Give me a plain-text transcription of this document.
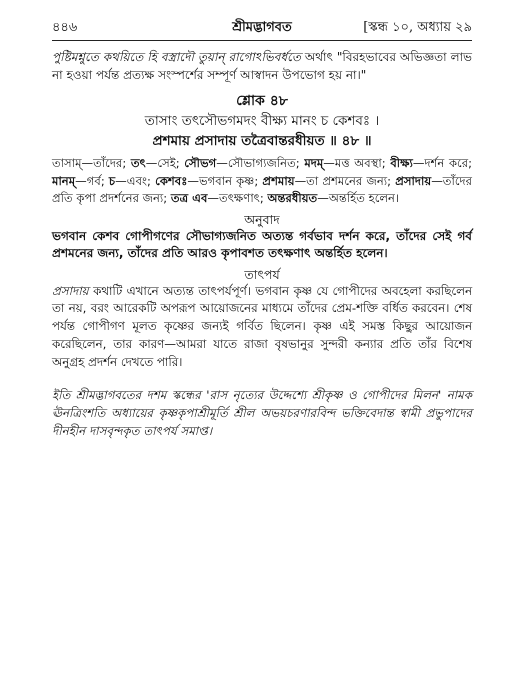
৪৪৬	শ্রীমদ্ভাগবত	[স্কন্ধ ১০, অধ্যায় ২৯

পুষ্টিমশ্নুতে কথয়িতে হি বস্ত্রাদৌ তুয়ান্‌ রাগোঽভিবর্ধতে অর্থাৎ "বিরহভাবের অভিজ্ঞতা লাভ না হওয়া পর্যন্ত প্রত্যক্ষ সংস্পর্শের সম্পূর্ণ আস্বাদন উপভোগ হয় না।"

শ্লোক ৪৮
তাসাং তৎসৌভগমদং বীক্ষ্য মানং চ কেশবঃ ।
প্রশমায় প্রসাদায় তত্রৈবান্তরধীয়ত ॥ ৪৮ ॥

তাসাম্—তাঁদের; তৎ—সেই; সৌভগ—সৌভাগ্যজনিত; মদম্—মত্ত অবস্থা; বীক্ষ্য—দর্শন করে; মানম্—গর্ব; চ—এবং; কেশবঃ—ভগবান কৃষ্ণ; প্রশমায়—তা প্রশমনের জন্য; প্রসাদায়—তাঁদের প্রতি কৃপা প্রদর্শনের জন্য; তত্র এব—তৎক্ষণাৎ; অন্তরধীয়ত—অন্তর্হিত হলেন।

অনুবাদ

ভগবান কেশব গোপীগণের সৌভাগ্যজনিত অত্যন্ত গর্বভাব দর্শন করে, তাঁদের সেই গর্ব প্রশমনের জন্য, তাঁদের প্রতি আরও কৃপাবশত তৎক্ষণাৎ অন্তর্হিত হলেন।

তাৎপর্য

প্রসাদায় কথাটি এখানে অত্যন্ত তাৎপর্যপূর্ণ। ভগবান কৃষ্ণ যে গোপীদের অবহেলা করছিলেন তা নয়, বরং আরেকটি অপরূপ আয়োজনের মাধ্যমে তাঁদের প্রেম-শক্তি বর্ধিত করবেন। শেষ পর্যন্ত গোপীগণ মূলত কৃষ্ণের জন্যই গর্বিত ছিলেন। কৃষ্ণ এই সমস্ত কিছুর আয়োজন করেছিলেন, তার কারণ—আমরা যাতে রাজা বৃষভানুর সুন্দরী কন্যার প্রতি তাঁর বিশেষ অনুগ্রহ প্রদর্শন দেখতে পারি।

ইতি শ্রীমদ্ভাগবতের দশম স্কন্ধের 'রাস নৃত্যের উদ্দেশ্যে শ্রীকৃষ্ণ ও গোপীদের মিলন' নামক ঊনত্রিংশতি অধ্যায়ের কৃষ্ণকৃপাশ্রীমূর্তি শ্রীল অভয়চরণারবিন্দ ভক্তিবেদান্ত স্বামী প্রভুপাদের দীনহীন দাসবৃন্দকৃত তাৎপর্য সমাপ্ত।
